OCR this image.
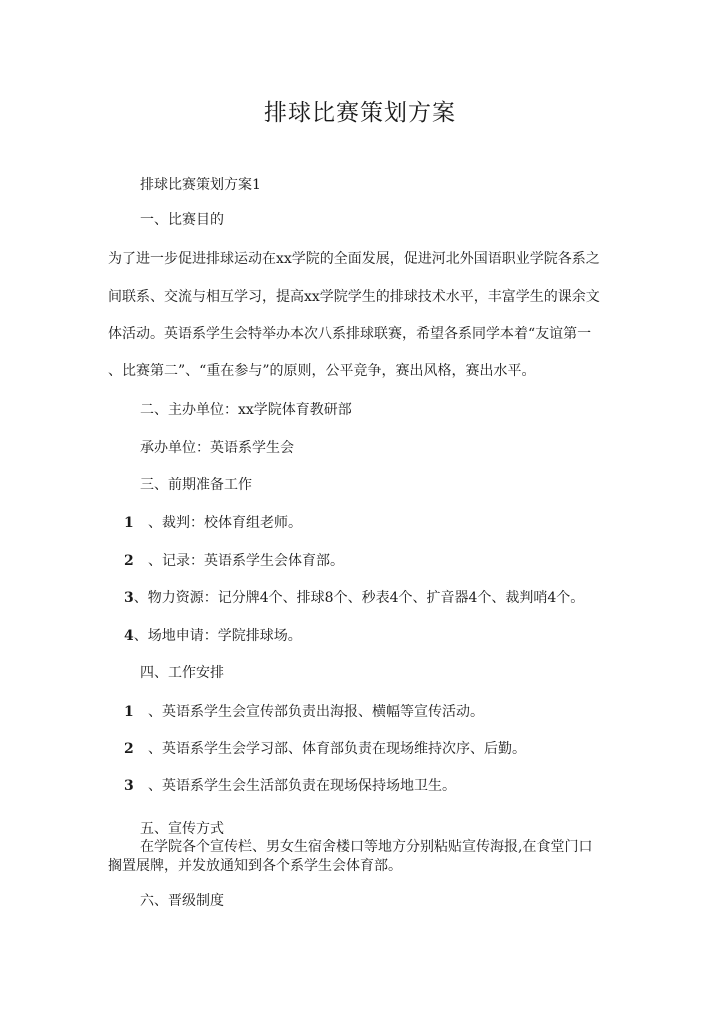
排球比赛策划方案
排球比赛策划方案1
一、比赛目的
为了进一步促进排球运动在xx学院的全面发展，促进河北外国语职业学院各系之
间联系、交流与相互学习，提高xx学院学生的排球技术水平，丰富学生的课余文
体活动。英语系学生会特举办本次八系排球联赛，希望各系同学本着“友谊第一
、比赛第二”、“重在参与”的原则，公平竞争，赛出风格，赛出水平。
二、主办单位：xx学院体育教研部
承办单位：英语系学生会
三、前期准备工作
1 、裁判：校体育组老师。
2 、记录：英语系学生会体育部。
3、物力资源：记分牌4个、排球8个、秒表4个、扩音器4个、裁判哨4个。
4、场地申请：学院排球场。
四、工作安排
1 、英语系学生会宣传部负责出海报、横幅等宣传活动。
2 、英语系学生会学习部、体育部负责在现场维持次序、后勤。
3 、英语系学生会生活部负责在现场保持场地卫生。
五、宣传方式
在学院各个宣传栏、男女生宿舍楼口等地方分别粘贴宣传海报,在食堂门口
搁置展牌，并发放通知到各个系学生会体育部。
六、晋级制度
